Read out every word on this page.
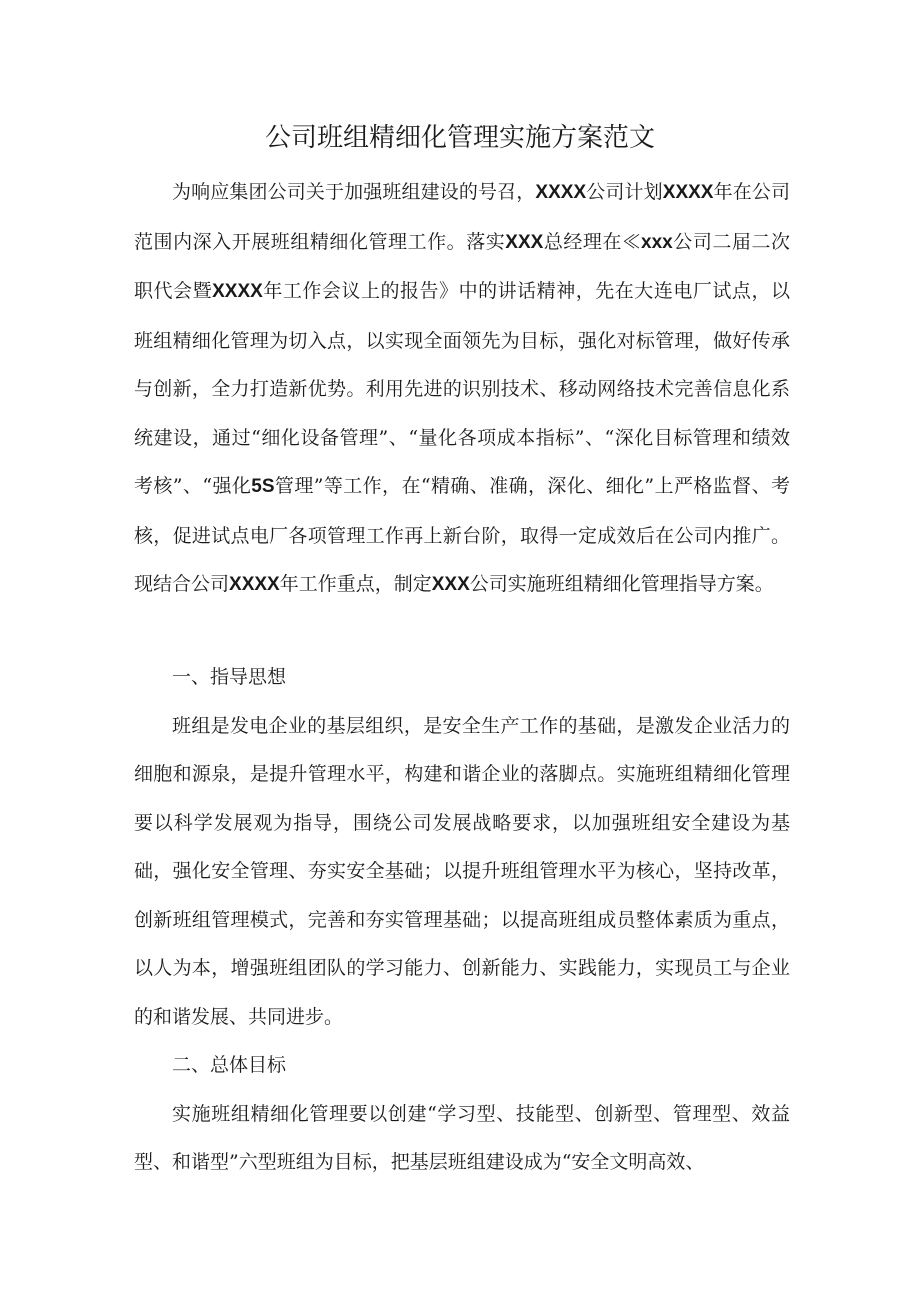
公司班组精细化管理实施方案范文

为响应集团公司关于加强班组建设的号召，XXXX公司计划XXXX年在公司范围内深入开展班组精细化管理工作。落实XXX总经理在≪xxx公司二届二次职代会暨XXXX年工作会议上的报告》中的讲话精神，先在大连电厂试点，以班组精细化管理为切入点，以实现全面领先为目标，强化对标管理，做好传承与创新，全力打造新优势。利用先进的识别技术、移动网络技术完善信息化系统建设，通过“细化设备管理”、“量化各项成本指标”、“深化目标管理和绩效考核”、“强化5S管理”等工作，在“精确、准确，深化、细化”上严格监督、考核，促进试点电厂各项管理工作再上新台阶，取得一定成效后在公司内推广。现结合公司XXXX年工作重点，制定XXX公司实施班组精细化管理指导方案。

一、指导思想

班组是发电企业的基层组织，是安全生产工作的基础，是激发企业活力的细胞和源泉，是提升管理水平，构建和谐企业的落脚点。实施班组精细化管理要以科学发展观为指导，围绕公司发展战略要求，以加强班组安全建设为基础，强化安全管理、夯实安全基础；以提升班组管理水平为核心，坚持改革，创新班组管理模式，完善和夯实管理基础；以提高班组成员整体素质为重点，以人为本，增强班组团队的学习能力、创新能力、实践能力，实现员工与企业的和谐发展、共同进步。

二、总体目标

实施班组精细化管理要以创建“学习型、技能型、创新型、管理型、效益型、和谐型”六型班组为目标，把基层班组建设成为“安全文明高效、
